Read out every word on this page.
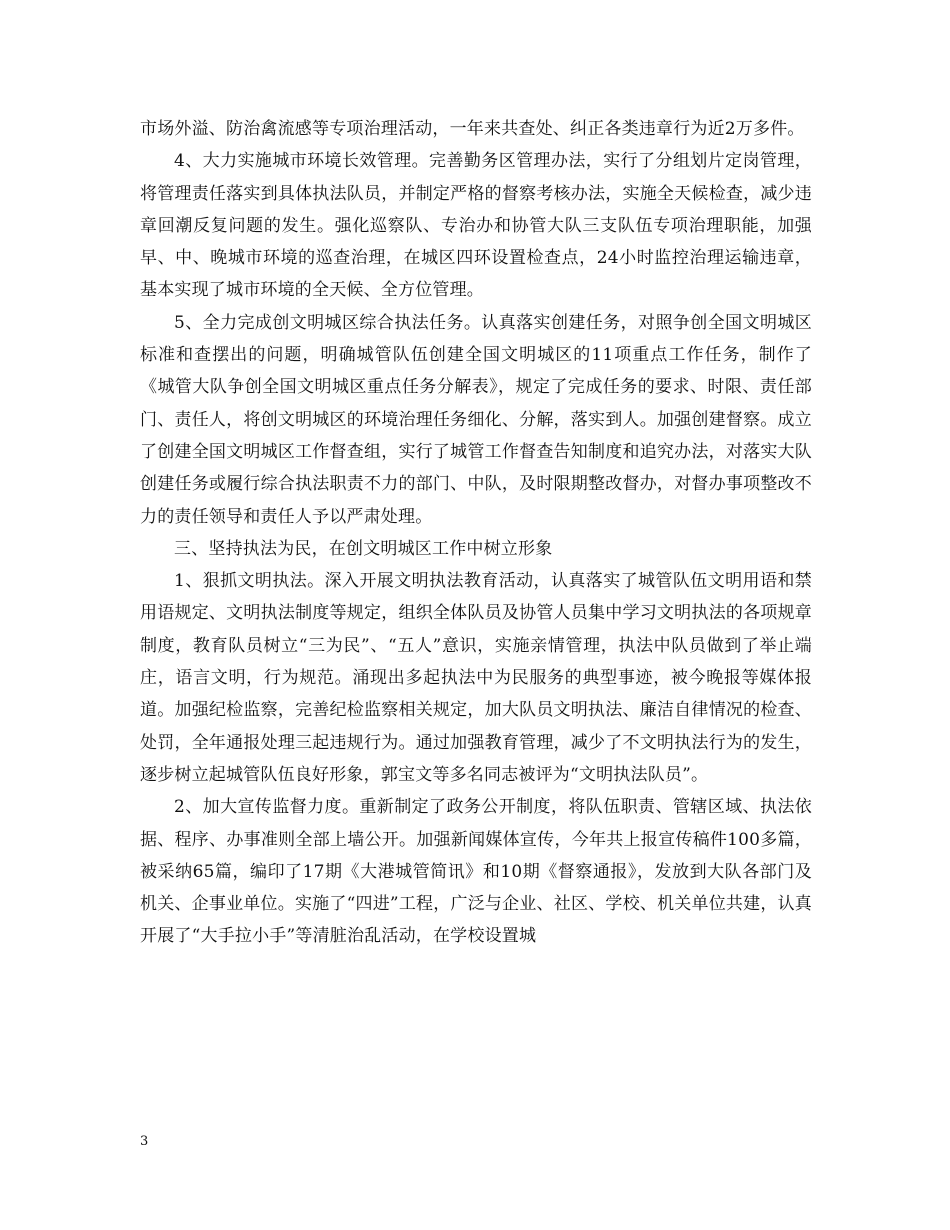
市场外溢、防治禽流感等专项治理活动，一年来共查处、纠正各类违章行为近2万多件。

4、大力实施城市环境长效管理。完善勤务区管理办法，实行了分组划片定岗管理，将管理责任落实到具体执法队员，并制定严格的督察考核办法，实施全天候检查，减少违章回潮反复问题的发生。强化巡察队、专治办和协管大队三支队伍专项治理职能，加强早、中、晚城市环境的巡查治理，在城区四环设置检查点，24小时监控治理运输违章，基本实现了城市环境的全天候、全方位管理。

5、全力完成创文明城区综合执法任务。认真落实创建任务，对照争创全国文明城区标准和查摆出的问题，明确城管队伍创建全国文明城区的11项重点工作任务，制作了《城管大队争创全国文明城区重点任务分解表》，规定了完成任务的要求、时限、责任部门、责任人，将创文明城区的环境治理任务细化、分解，落实到人。加强创建督察。成立了创建全国文明城区工作督查组，实行了城管工作督查告知制度和追究办法，对落实大队创建任务或履行综合执法职责不力的部门、中队，及时限期整改督办，对督办事项整改不力的责任领导和责任人予以严肃处理。

三、坚持执法为民，在创文明城区工作中树立形象

1、狠抓文明执法。深入开展文明执法教育活动，认真落实了城管队伍文明用语和禁用语规定、文明执法制度等规定，组织全体队员及协管人员集中学习文明执法的各项规章制度，教育队员树立“三为民”、“五人”意识，实施亲情管理，执法中队员做到了举止端庄，语言文明，行为规范。涌现出多起执法中为民服务的典型事迹，被今晚报等媒体报道。加强纪检监察，完善纪检监察相关规定，加大队员文明执法、廉洁自律情况的检查、处罚，全年通报处理三起违规行为。通过加强教育管理，减少了不文明执法行为的发生，逐步树立起城管队伍良好形象，郭宝文等多名同志被评为“文明执法队员”。

2、加大宣传监督力度。重新制定了政务公开制度，将队伍职责、管辖区域、执法依据、程序、办事准则全部上墙公开。加强新闻媒体宣传，今年共上报宣传稿件100多篇，被采纳65篇，编印了17期《大港城管简讯》和10期《督察通报》，发放到大队各部门及机关、企事业单位。实施了“四进”工程，广泛与企业、社区、学校、机关单位共建，认真开展了“大手拉小手”等清脏治乱活动，在学校设置城

3
